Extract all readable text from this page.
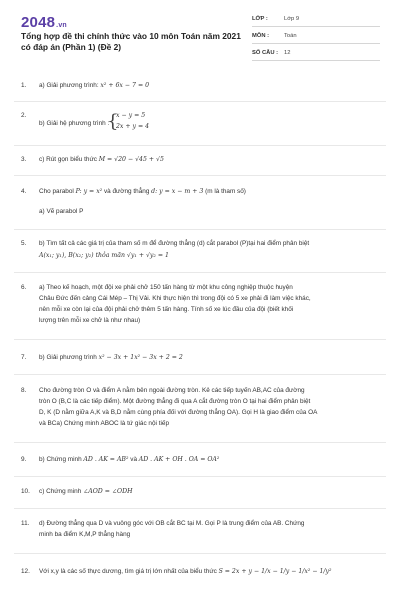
2048.vn
Tổng hợp đề thi chính thức vào 10 môn Toán năm 2021 có đáp án (Phần 1) (Đề 2)
LỚP :	Lớp 9
MÔN :	Toán
SỐ CÂU : 12
1. a) Giải phương trình: x² + 6x − 7 = 0
2.
b) Giải hệ phương trình :
{
x − y = 5
2x + y = 4
3. c) Rút gọn biểu thức M = √20 − √45 + √5
4. Cho parabol P: y = x² và đường thẳng d: y = x − m + 3 (m là tham số)
a) Vẽ parabol P
5. b) Tìm tất cả các giá trị của tham số m để đường thẳng (d) cắt parabol (P)tại hai điểm phân biệt
A(x₁; y₁), B(x₂; y₂) thỏa mãn √y₁ + √y₂ = 1
6. a) Theo kế hoạch, một đội xe phải chở 150 tấn hàng từ một khu công nghiệp thuộc huyện
Châu Đức đến cảng Cái Mép – Thị Vải. Khi thực hiện thì trong đội có 5 xe phải đi làm việc khác,
nên mỗi xe còn lại của đội phải chở thêm 5 tấn hàng. Tính số xe lúc đầu của đội (biết khối
lượng trên mỗi xe chở là như nhau)
7. b) Giải phương trình x² − 3x + 1x² − 3x + 2 = 2
8. Cho đường tròn O và điểm A nằm bên ngoài đường tròn. Kẻ các tiếp tuyến AB,AC của đường
tròn O (B,C là các tiếp điểm). Một đường thẳng đi qua A cắt đường tròn O tại hai điểm phân biệt
D, K (D nằm giữa A,K và B,D nằm cùng phía đối với đường thẳng OA). Gọi H là giao điểm của OA
và BCa) Chứng minh ABOC là tứ giác nội tiếp
9. b) Chứng minh AD . AK = AB² và AD . AK + OH . OA = OA²
10. c) Chứng minh ∠AOD = ∠ODH
11. d) Đường thẳng qua D và vuông góc với OB cắt BC tại M. Gọi P là trung điểm của AB. Chứng
minh ba điểm K,M,P thẳng hàng
12. Với x,y là các số thực dương, tìm giá trị lớn nhất của biểu thức S = 2x + y − 1/x − 1/y − 1/x² − 1/y²
